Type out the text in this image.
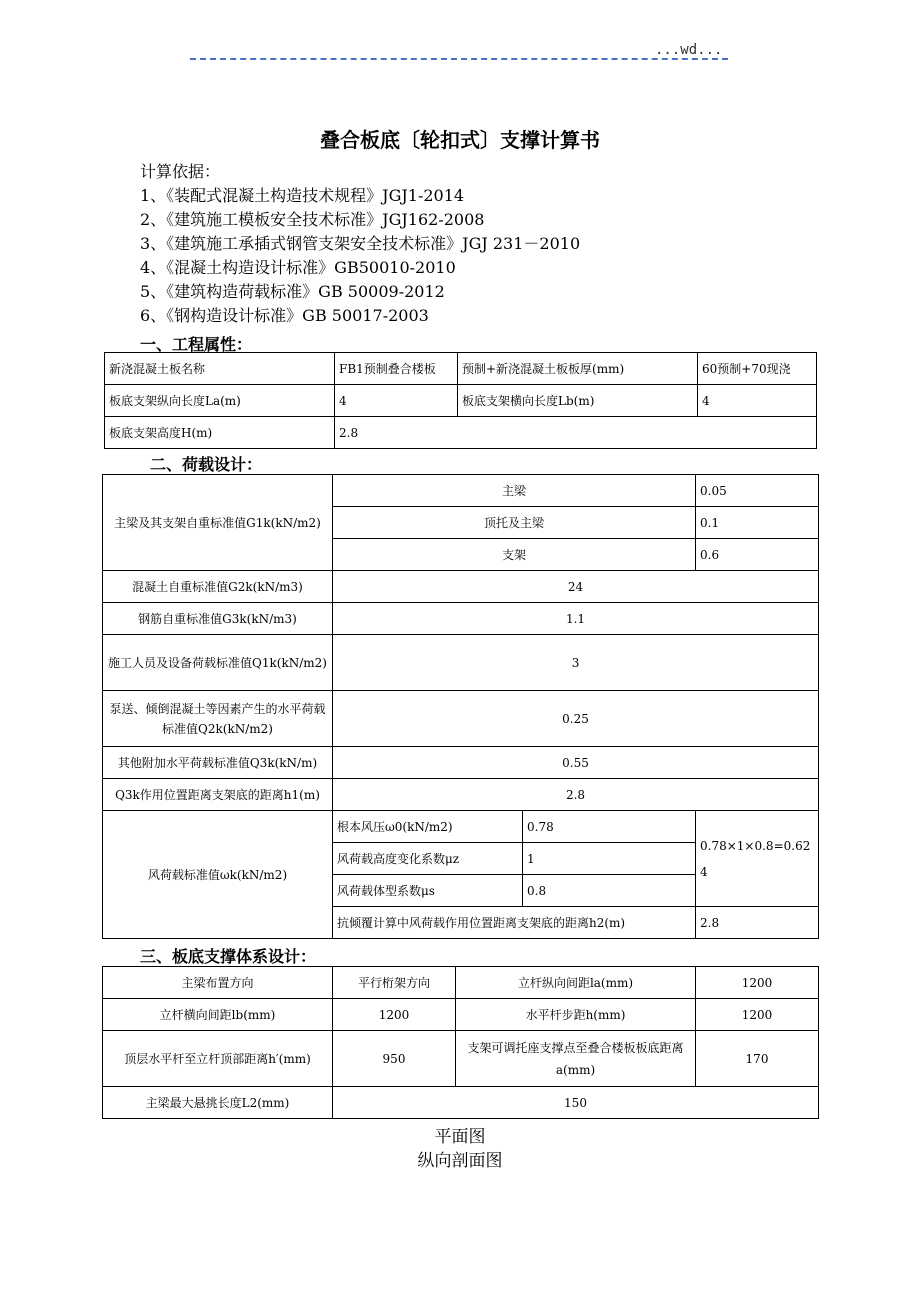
...wd...
叠合板底〔轮扣式〕支撑计算书
计算依据：
1、《装配式混凝土构造技术规程》JGJ1-2014
2、《建筑施工模板安全技术标准》JGJ162-2008
3、《建筑施工承插式钢管支架安全技术标准》JGJ 231－2010
4、《混凝土构造设计标准》GB50010-2010
5、《建筑构造荷载标准》GB 50009-2012
6、《钢构造设计标准》GB 50017-2003
一、工程属性：
新浇混凝土板名称	FB1预制叠合楼板	预制+新浇混凝土板板厚(mm)	60预制+70现浇
板底支架纵向长度La(m)	4	板底支架横向长度Lb(m)	4
板底支架高度H(m)	2.8		
二、荷载设计：
主梁及其支架自重标准值G1k(kN/m2)	主梁		0.05
	顶托及主梁		0.1
	支架		0.6
混凝土自重标准值G2k(kN/m3)	24		
钢筋自重标准值G3k(kN/m3)	1.1		
施工人员及设备荷载标准值Q1k(kN/m2)	3		
泵送、倾倒混凝土等因素产生的水平荷载标准值Q2k(kN/m2)	0.25		
其他附加水平荷载标准值Q3k(kN/m)	0.55		
Q3k作用位置距离支架底的距离h1(m)	2.8		
风荷载标准值ωk(kN/m2)	根本风压ω0(kN/m2)	0.78	0.78×1×0.8=0.624
	风荷载高度变化系数μz	1	
	风荷载体型系数μs	0.8	
	抗倾覆计算中风荷载作用位置距离支架底的距离h2(m)		2.8
三、板底支撑体系设计：
主梁布置方向	平行桁架方向	立杆纵向间距la(mm)	1200
立杆横向间距lb(mm)	1200	水平杆步距h(mm)	1200
顶层水平杆至立杆顶部距离h′(mm)	950	支架可调托座支撑点至叠合楼板板底距离a(mm)	170
主梁最大悬挑长度L2(mm)	150		
平面图
纵向剖面图
